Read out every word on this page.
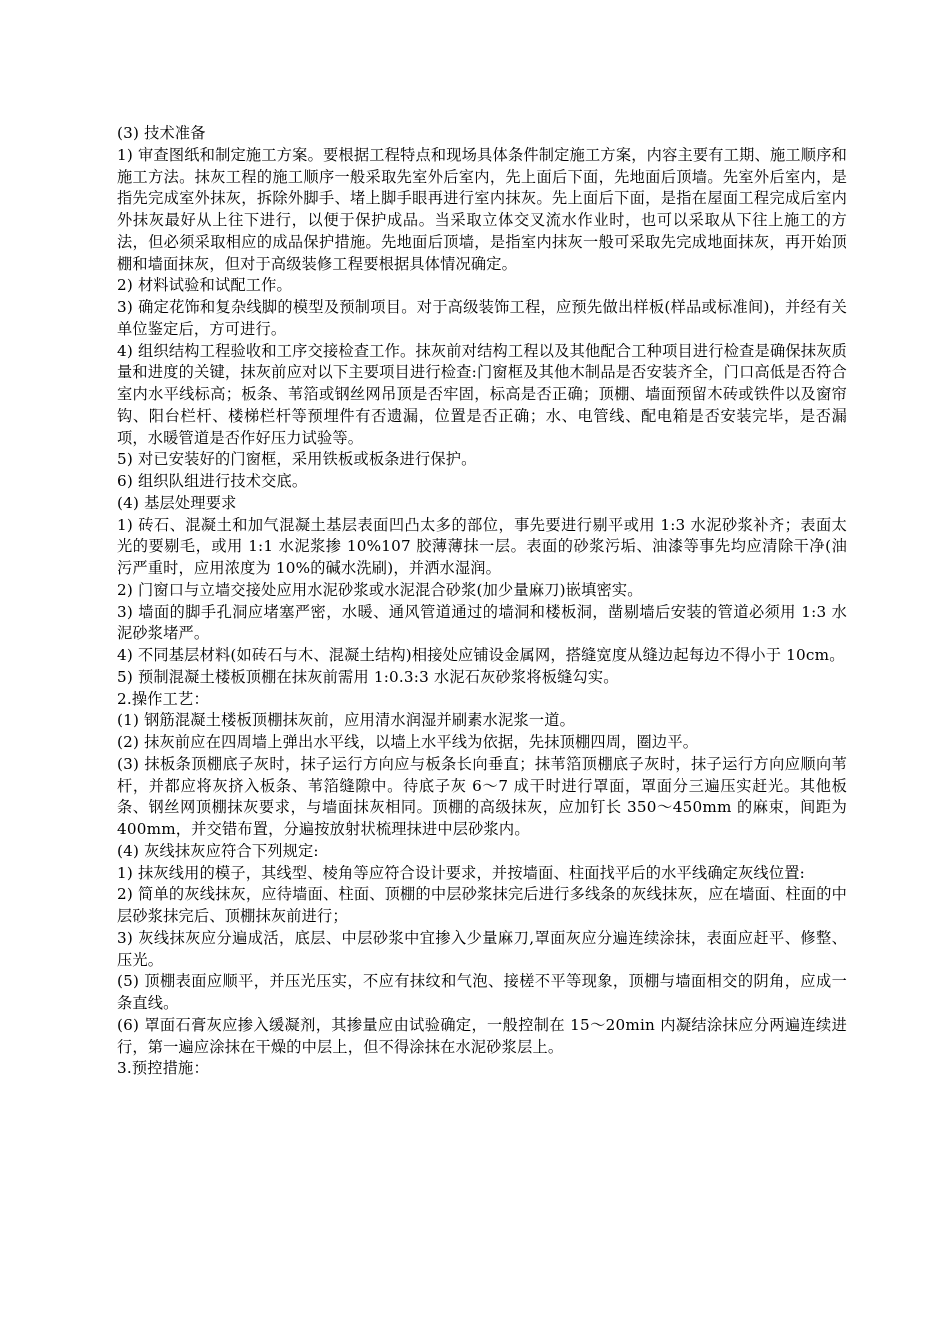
(3) 技术准备

1) 审查图纸和制定施工方案。要根据工程特点和现场具体条件制定施工方案，内容主要有工期、施工顺序和施工方法。抹灰工程的施工顺序一般采取先室外后室内，先上面后下面，先地面后顶墙。先室外后室内，是指先完成室外抹灰，拆除外脚手、堵上脚手眼再进行室内抹灰。先上面后下面，是指在屋面工程完成后室内外抹灰最好从上往下进行，以便于保护成品。当采取立体交叉流水作业时，也可以采取从下往上施工的方法，但必须采取相应的成品保护措施。先地面后顶墙，是指室内抹灰一般可采取先完成地面抹灰，再开始顶棚和墙面抹灰，但对于高级装修工程要根据具体情况确定。

2) 材料试验和试配工作。

3) 确定花饰和复杂线脚的模型及预制项目。对于高级装饰工程，应预先做出样板(样品或标准间)，并经有关单位鉴定后，方可进行。

4) 组织结构工程验收和工序交接检查工作。抹灰前对结构工程以及其他配合工种项目进行检查是确保抹灰质量和进度的关键，抹灰前应对以下主要项目进行检查:门窗框及其他木制品是否安装齐全，门口高低是否符合室内水平线标高；板条、苇箔或钢丝网吊顶是否牢固，标高是否正确；顶棚、墙面预留木砖或铁件以及窗帘钩、阳台栏杆、楼梯栏杆等预埋件有否遗漏，位置是否正确；水、电管线、配电箱是否安装完毕，是否漏项，水暖管道是否作好压力试验等。

5) 对已安装好的门窗框，采用铁板或板条进行保护。

6) 组织队组进行技术交底。

(4) 基层处理要求

1) 砖石、混凝土和加气混凝土基层表面凹凸太多的部位，事先要进行剔平或用 1:3 水泥砂浆补齐；表面太光的要剔毛，或用 1:1 水泥浆掺 10%107 胶薄薄抹一层。表面的砂浆污垢、油漆等事先均应清除干净(油污严重时，应用浓度为 10%的碱水洗刷)，并洒水湿润。

2) 门窗口与立墙交接处应用水泥砂浆或水泥混合砂浆(加少量麻刀)嵌填密实。

3) 墙面的脚手孔洞应堵塞严密，水暖、通风管道通过的墙洞和楼板洞，凿剔墙后安装的管道必须用 1:3 水泥砂浆堵严。

4) 不同基层材料(如砖石与木、混凝土结构)相接处应铺设金属网，搭缝宽度从缝边起每边不得小于 10cm。

5) 预制混凝土楼板顶棚在抹灰前需用 1:0.3:3 水泥石灰砂浆将板缝勾实。

2.操作工艺：

(1) 钢筋混凝土楼板顶棚抹灰前，应用清水润湿并刷素水泥浆一道。

(2) 抹灰前应在四周墙上弹出水平线，以墙上水平线为依据，先抹顶棚四周，圈边平。

(3) 抹板条顶棚底子灰时，抹子运行方向应与板条长向垂直；抹苇箔顶棚底子灰时，抹子运行方向应顺向苇杆，并都应将灰挤入板条、苇箔缝隙中。待底子灰 6～7 成干时进行罩面，罩面分三遍压实赶光。其他板条、钢丝网顶棚抹灰要求，与墙面抹灰相同。顶棚的高级抹灰，应加钉长 350～450mm 的麻束，间距为 400mm，并交错布置，分遍按放射状梳理抹进中层砂浆内。

(4) 灰线抹灰应符合下列规定:

1) 抹灰线用的模子，其线型、棱角等应符合设计要求，并按墙面、柱面找平后的水平线确定灰线位置:

2) 简单的灰线抹灰，应待墙面、柱面、顶棚的中层砂浆抹完后进行多线条的灰线抹灰，应在墙面、柱面的中层砂浆抹完后、顶棚抹灰前进行；

3) 灰线抹灰应分遍成活，底层、中层砂浆中宜掺入少量麻刀,罩面灰应分遍连续涂抹，表面应赶平、修整、压光。

(5) 顶棚表面应顺平，并压光压实，不应有抹纹和气泡、接槎不平等现象，顶棚与墙面相交的阴角，应成一条直线。

(6) 罩面石膏灰应掺入缓凝剂，其掺量应由试验确定，一般控制在 15～20min 内凝结涂抹应分两遍连续进行，第一遍应涂抹在干燥的中层上，但不得涂抹在水泥砂浆层上。

3.预控措施：
